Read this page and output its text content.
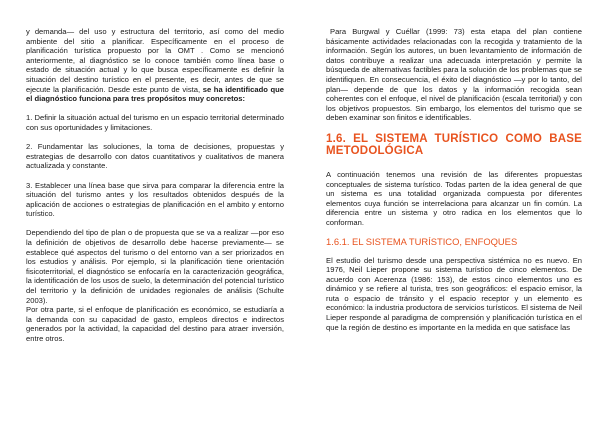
y demanda— del uso y estructura del territorio, así como del medio ambiente del sitio a planificar. Específicamente en el proceso de planificación turística propuesto por la OMT . Como se mencionó anteriormente, al diagnóstico se lo conoce también como línea base o estado de situación actual y lo que busca específicamente es definir la situación del destino turístico en el presente, es decir, antes de que se ejecute la planificación. Desde este punto de vista, se ha identificado que el diagnóstico funciona para tres propósitos muy concretos:

1. Definir la situación actual del turismo en un espacio territorial determinado con sus oportunidades y limitaciones.

2. Fundamentar las soluciones, la toma de decisiones, propuestas y estrategias de desarrollo con datos cuantitativos y cualitativos de manera actualizada y constante.

3. Establecer una línea base que sirva para comparar la diferencia entre la situación del turismo antes y los resultados obtenidos después de la aplicación de acciones o estrategias de planificación en el ambito y entorno turístico.

Dependiendo del tipo de plan o de propuesta que se va a realizar —por eso la definición de objetivos de desarrollo debe hacerse previamente— se establece qué aspectos del turismo o del entorno van a ser priorizados en los estudios y análisis. Por ejemplo, si la planificación tiene orientación fisicoterritorial, el diagnóstico se enfocaría en la caracterización geográfica, la identificación de los usos de suelo, la determinación del potencial turístico del territorio y la definición de unidades regionales de análisis (Schulte 2003).

Por otra parte, si el enfoque de planificación es económico, se estudiaría a la demanda con su capacidad de gasto, empleos directos e indirectos generados por la actividad, la capacidad del destino para atraer inversión, entre otros.

Para Burgwal y Cuéllar (1999: 73) esta etapa del plan contiene básicamente actividades relacionadas con la recogida y tratamiento de la información. Según los autores, un buen levantamiento de información de datos contribuye a realizar una adecuada interpretación y permite la búsqueda de alternativas factibles para la solución de los problemas que se identifiquen. En consecuencia, el éxito del diagnóstico —y por lo tanto, del plan— depende de que los datos y la información recogida sean coherentes con el enfoque, el nivel de planificación (escala territorial) y con los objetivos propuestos. Sin embargo, los elementos del turismo que se deben examinar son finitos e identificables.

1.6. EL SISTEMA TURÍSTICO COMO BASE METODOLÓGICA

A continuación tenemos una revisión de las diferentes propuestas conceptuales de sistema turístico. Todas parten de la idea general de que un sistema es una totalidad organizada compuesta por diferentes elementos cuya función se interrelaciona para alcanzar un fin común. La diferencia entre un sistema y otro radica en los elementos que lo conforman.

1.6.1. EL SISTEMA TURÍSTICO, ENFOQUES

El estudio del turismo desde una perspectiva sistémica no es nuevo. En 1976, Neil Lieper propone su sistema turístico de cinco elementos. De acuerdo con Acerenza (1986: 153), de estos cinco elementos uno es dinámico y se refiere al turista, tres son geográficos: el espacio emisor, la ruta o espacio de tránsito y el espacio receptor y un elemento es económico: la industria productora de servicios turísticos. El sistema de Neil Lieper responde al paradigma de comprensión y planificación turística en el que la región de destino es importante en la medida en que satisface las
